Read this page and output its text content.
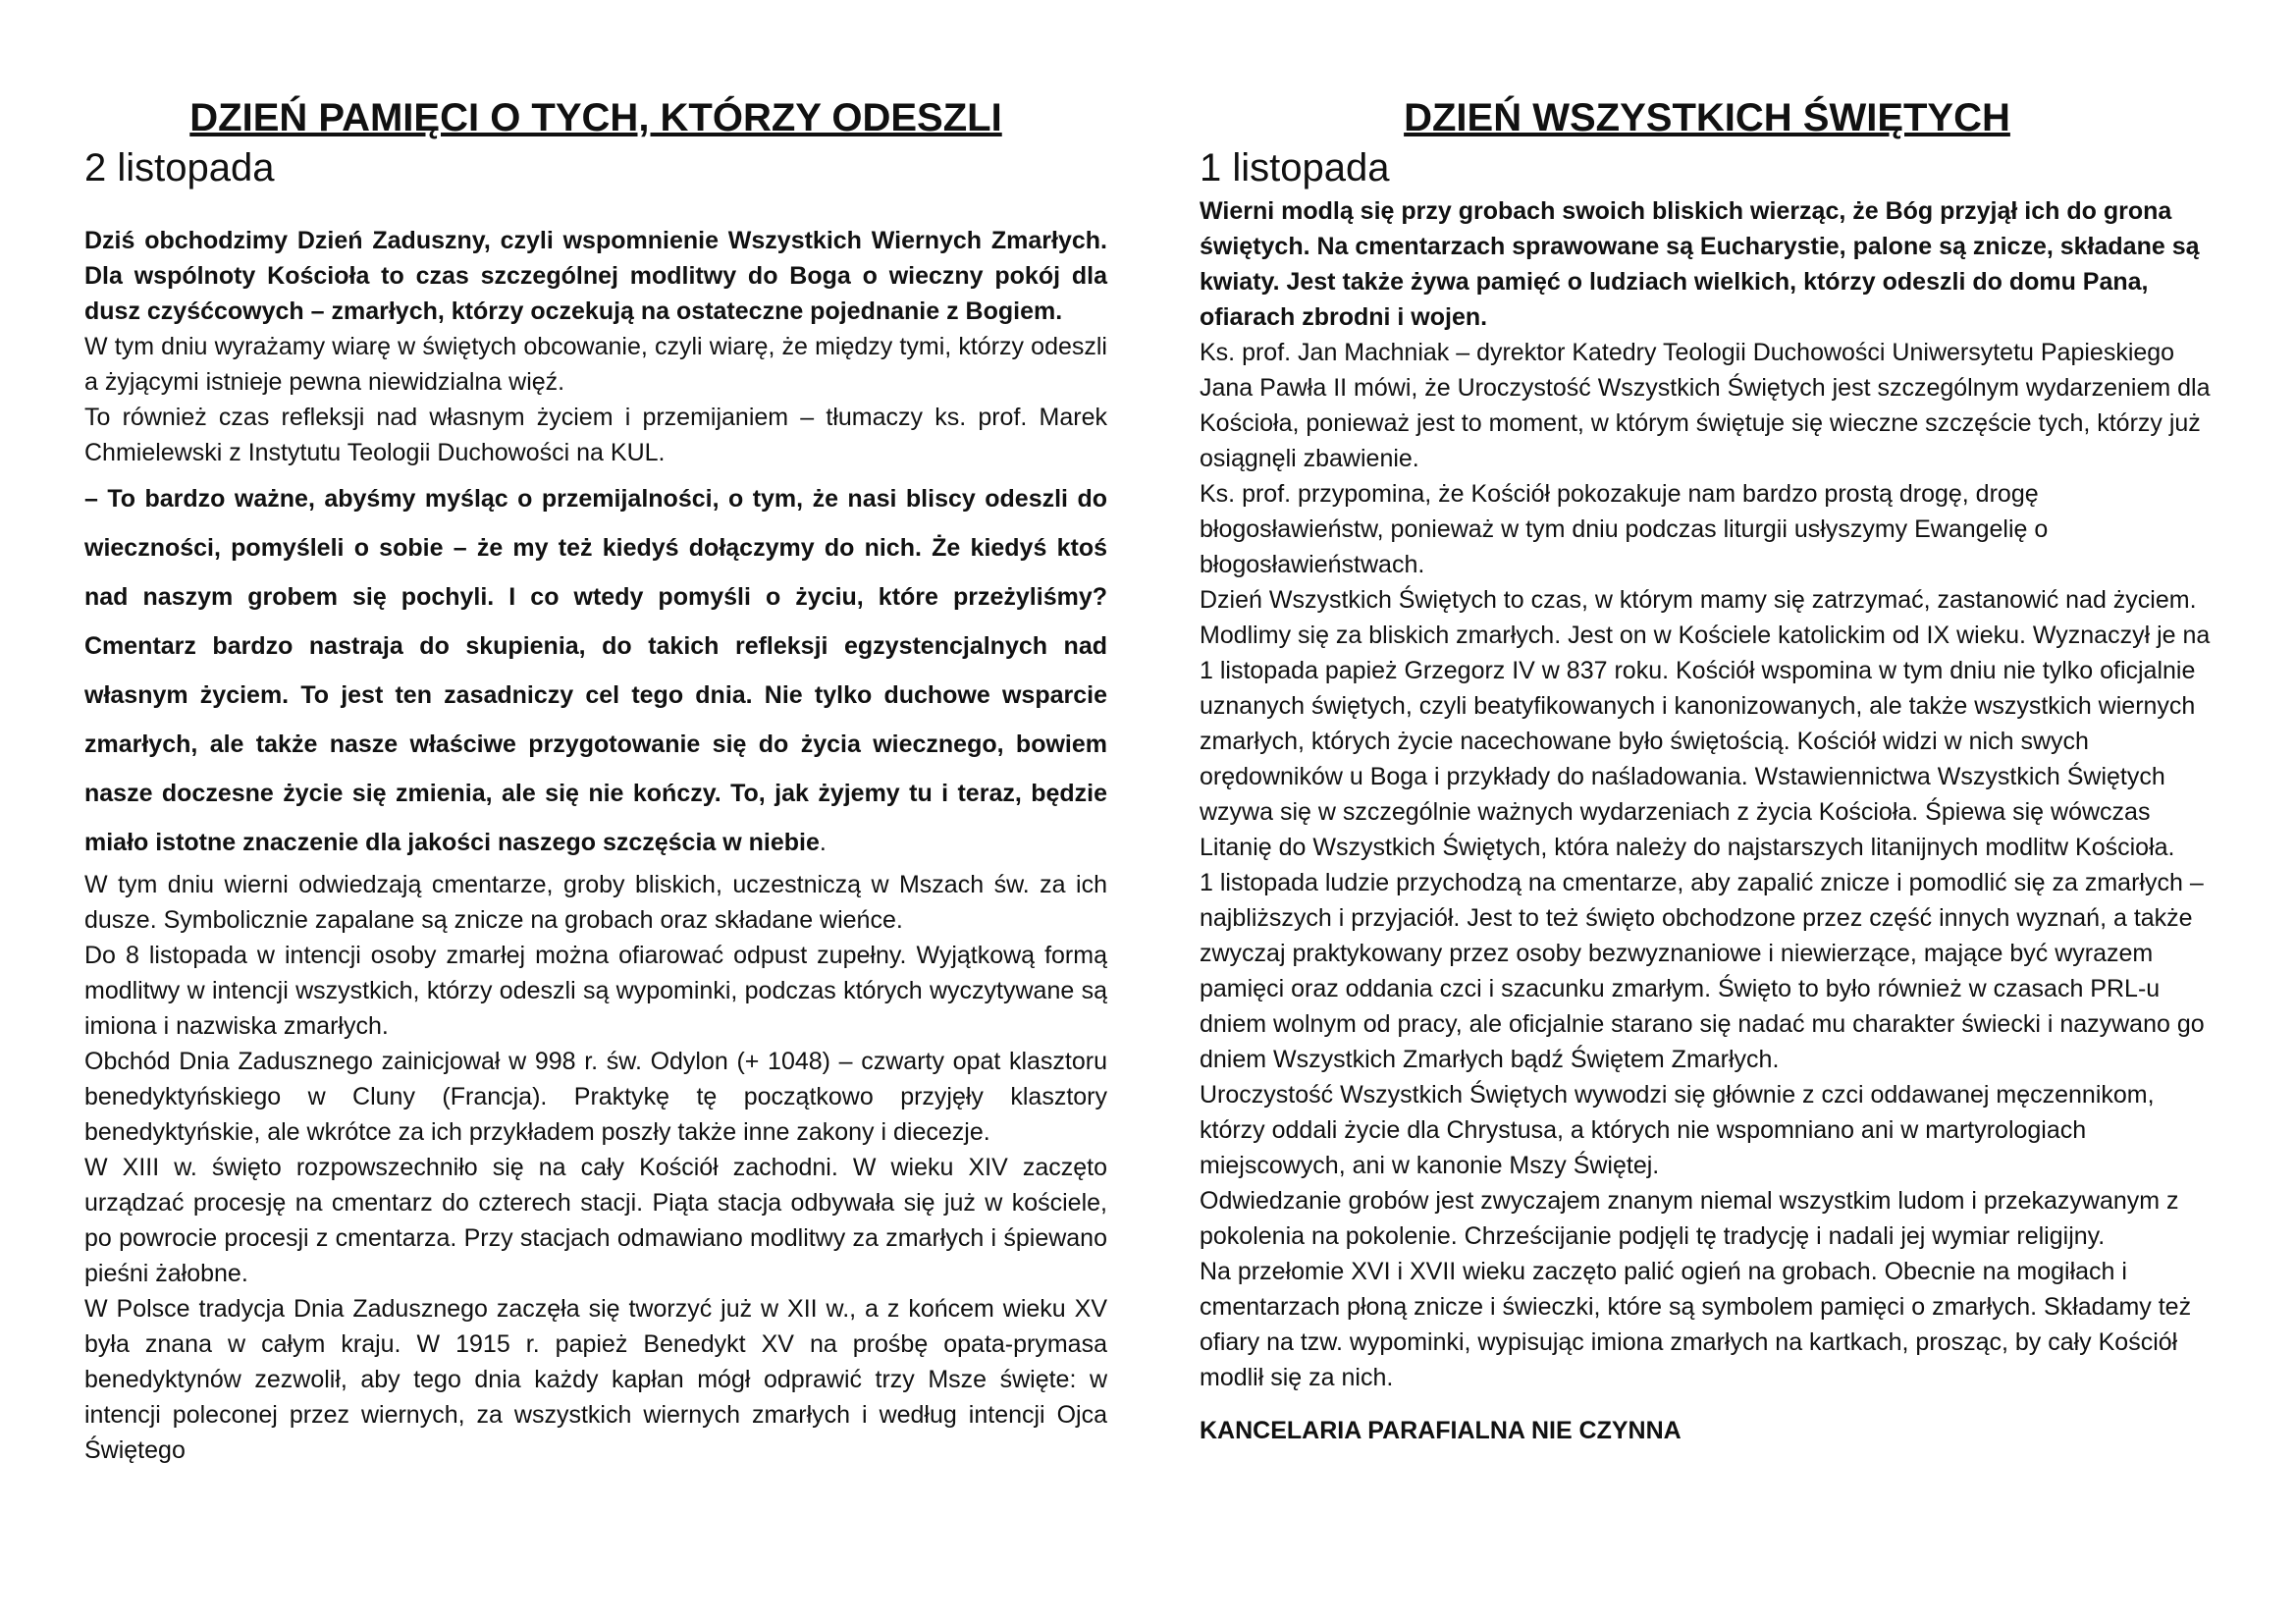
DZIEŃ PAMIĘCI O TYCH, KTÓRZY ODESZLI
2 listopada

Dziś obchodzimy Dzień Zaduszny, czyli wspomnienie Wszystkich Wiernych Zmarłych. Dla wspólnoty Kościoła to czas szczególnej modlitwy do Boga o wieczny pokój dla dusz czyśćcowych – zmarłych, którzy oczekują na ostateczne pojednanie z Bogiem.

W tym dniu wyrażamy wiarę w świętych obcowanie, czyli wiarę, że między tymi, którzy odeszli a żyjącymi istnieje pewna niewidzialna więź.

To również czas refleksji nad własnym życiem i przemijaniem – tłumaczy ks. prof. Marek Chmielewski z Instytutu Teologii Duchowości na KUL.

– To bardzo ważne, abyśmy myśląc o przemijalności, o tym, że nasi bliscy odeszli do wieczności, pomyśleli o sobie – że my też kiedyś dołączymy do nich. Że kiedyś ktoś nad naszym grobem się pochyli. I co wtedy pomyśli o życiu, które przeżyliśmy? Cmentarz bardzo nastraja do skupienia, do takich refleksji egzystencjalnych nad własnym życiem. To jest ten zasadniczy cel tego dnia. Nie tylko duchowe wsparcie zmarłych, ale także nasze właściwe przygotowanie się do życia wiecznego, bowiem nasze doczesne życie się zmienia, ale się nie kończy. To, jak żyjemy tu i teraz, będzie miało istotne znaczenie dla jakości naszego szczęścia w niebie.

W tym dniu wierni odwiedzają cmentarze, groby bliskich, uczestniczą w Mszach św. za ich dusze. Symbolicznie zapalane są znicze na grobach oraz składane wieńce.

Do 8 listopada w intencji osoby zmarłej można ofiarować odpust zupełny. Wyjątkową formą modlitwy w intencji wszystkich, którzy odeszli są wypominki, podczas których wyczytywane są imiona i nazwiska zmarłych.

Obchód Dnia Zadusznego zainicjował w 998 r. św. Odylon (+ 1048) – czwarty opat klasztoru benedyktyńskiego w Cluny (Francja). Praktykę tę początkowo przyjęły klasztory benedyktyńskie, ale wkrótce za ich przykładem poszły także inne zakony i diecezje.

W XIII w. święto rozpowszechniło się na cały Kościół zachodni. W wieku XIV zaczęto urządzać procesję na cmentarz do czterech stacji. Piąta stacja odbywała się już w kościele, po powrocie procesji z cmentarza. Przy stacjach odmawiano modlitwy za zmarłych i śpiewano pieśni żałobne.

W Polsce tradycja Dnia Zadusznego zaczęła się tworzyć już w XII w., a z końcem wieku XV była znana w całym kraju. W 1915 r. papież Benedykt XV na prośbę opata-prymasa benedyktynów zezwolił, aby tego dnia każdy kapłan mógł odprawić trzy Msze święte: w intencji poleconej przez wiernych, za wszystkich wiernych zmarłych i według intencji Ojca Świętego

DZIEŃ WSZYSTKICH ŚWIĘTYCH
1 listopada

Wierni modlą się przy grobach swoich bliskich wierząc, że Bóg przyjął ich do grona świętych. Na cmentarzach sprawowane są Eucharystie, palone są znicze, składane są kwiaty. Jest także żywa pamięć o ludziach wielkich, którzy odeszli do domu Pana, ofiarach zbrodni i wojen.

Ks. prof. Jan Machniak – dyrektor Katedry Teologii Duchowości Uniwersytetu Papieskiego Jana Pawła II mówi, że Uroczystość Wszystkich Świętych jest szczególnym wydarzeniem dla Kościoła, ponieważ jest to moment, w którym świętuje się wieczne szczęście tych, którzy już osiągnęli zbawienie.

Ks. prof. przypomina, że Kościół pokozakuje nam bardzo prostą drogę, drogę błogosławieństw, ponieważ w tym dniu podczas liturgii usłyszymy Ewangelię o błogosławieństwach.

Dzień Wszystkich Świętych to czas, w którym mamy się zatrzymać, zastanowić nad życiem. Modlimy się za bliskich zmarłych. Jest on w Kościele katolickim od IX wieku. Wyznaczył je na 1 listopada papież Grzegorz IV w 837 roku. Kościół wspomina w tym dniu nie tylko oficjalnie uznanych świętych, czyli beatyfikowanych i kanonizowanych, ale także wszystkich wiernych zmarłych, których życie nacechowane było świętością. Kościół widzi w nich swych orędowników u Boga i przykłady do naśladowania. Wstawiennictwa Wszystkich Świętych wzywa się w szczególnie ważnych wydarzeniach z życia Kościoła. Śpiewa się wówczas Litanię do Wszystkich Świętych, która należy do najstarszych litanijnych modlitw Kościoła.

1 listopada ludzie przychodzą na cmentarze, aby zapalić znicze i pomodlić się za zmarłych – najbliższych i przyjaciół. Jest to też święto obchodzone przez część innych wyznań, a także zwyczaj praktykowany przez osoby bezwyznaniowe i niewierzące, mające być wyrazem pamięci oraz oddania czci i szacunku zmarłym. Święto to było również w czasach PRL-u dniem wolnym od pracy, ale oficjalnie starano się nadać mu charakter świecki i nazywano go dniem Wszystkich Zmarłych bądź Świętem Zmarłych.

Uroczystość Wszystkich Świętych wywodzi się głównie z czci oddawanej męczennikom, którzy oddali życie dla Chrystusa, a których nie wspomniano ani w martyrologiach miejscowych, ani w kanonie Mszy Świętej.

Odwiedzanie grobów jest zwyczajem znanym niemal wszystkim ludom i przekazywanym z pokolenia na pokolenie. Chrześcijanie podjęli tę tradycję i nadali jej wymiar religijny.

Na przełomie XVI i XVII wieku zaczęto palić ogień na grobach. Obecnie na mogiłach i cmentarzach płoną znicze i świeczki, które są symbolem pamięci o zmarłych. Składamy też ofiary na tzw. wypominki, wypisując imiona zmarłych na kartkach, prosząc, by cały Kościół modlił się za nich.

KANCELARIA PARAFIALNA NIE CZYNNA
